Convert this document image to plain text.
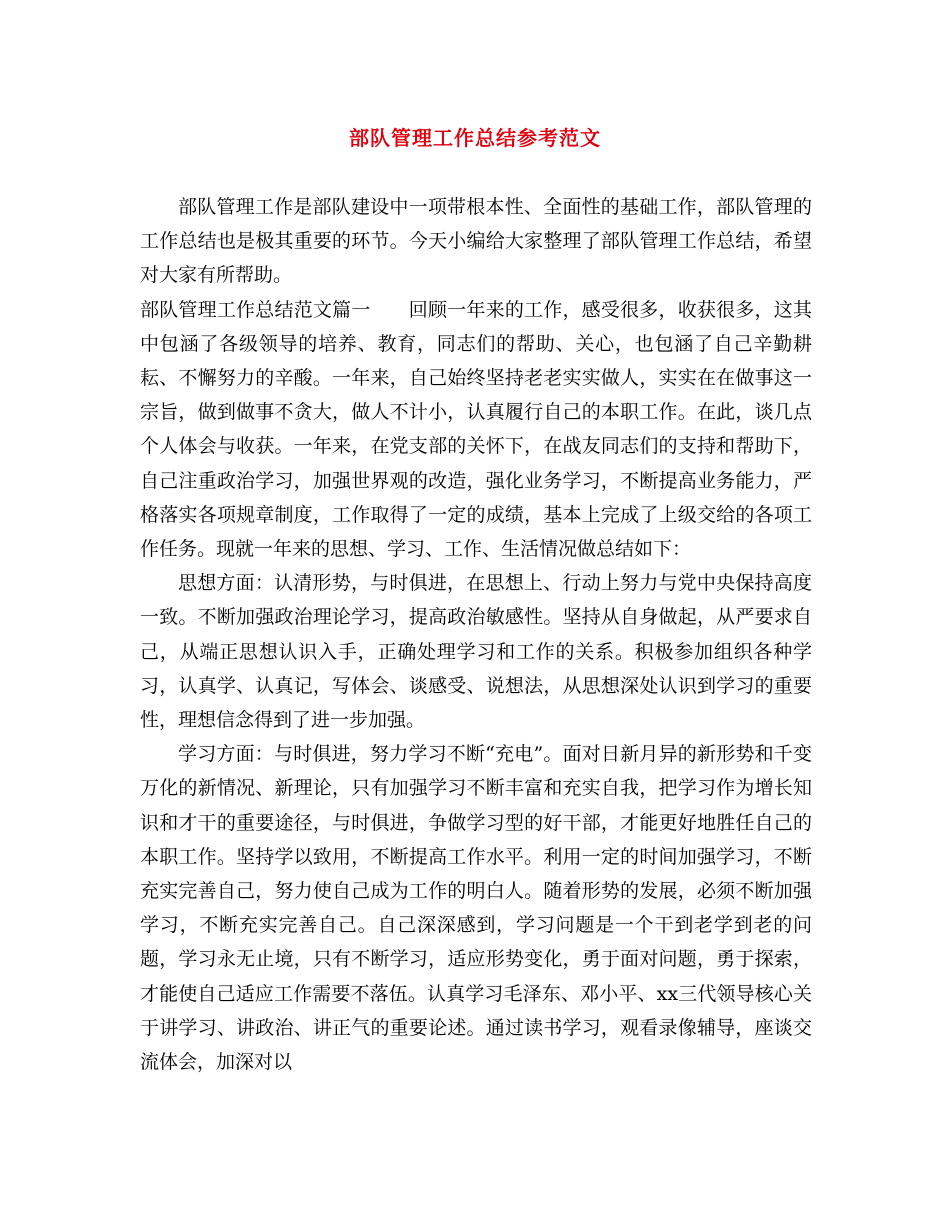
部队管理工作总结参考范文

部队管理工作是部队建设中一项带根本性、全面性的基础工作，部队管理的工作总结也是极其重要的环节。今天小编给大家整理了部队管理工作总结，希望对大家有所帮助。

部队管理工作总结范文篇一 回顾一年来的工作，感受很多，收获很多，这其中包涵了各级领导的培养、教育，同志们的帮助、关心，也包涵了自己辛勤耕耘、不懈努力的辛酸。一年来，自己始终坚持老老实实做人，实实在在做事这一宗旨，做到做事不贪大，做人不计小，认真履行自己的本职工作。在此，谈几点个人体会与收获。一年来，在党支部的关怀下，在战友同志们的支持和帮助下，自己注重政治学习，加强世界观的改造，强化业务学习，不断提高业务能力，严格落实各项规章制度，工作取得了一定的成绩，基本上完成了上级交给的各项工作任务。现就一年来的思想、学习、工作、生活情况做总结如下：

思想方面：认清形势，与时俱进，在思想上、行动上努力与党中央保持高度一致。不断加强政治理论学习，提高政治敏感性。坚持从自身做起，从严要求自己，从端正思想认识入手，正确处理学习和工作的关系。积极参加组织各种学习，认真学、认真记，写体会、谈感受、说想法，从思想深处认识到学习的重要性，理想信念得到了进一步加强。

学习方面：与时俱进，努力学习不断“充电”。面对日新月异的新形势和千变万化的新情况、新理论，只有加强学习不断丰富和充实自我，把学习作为增长知识和才干的重要途径，与时俱进，争做学习型的好干部，才能更好地胜任自己的本职工作。坚持学以致用，不断提高工作水平。利用一定的时间加强学习，不断充实完善自己，努力使自己成为工作的明白人。随着形势的发展，必须不断加强学习，不断充实完善自己。自己深深感到，学习问题是一个干到老学到老的问题，学习永无止境，只有不断学习，适应形势变化，勇于面对问题，勇于探索，才能使自己适应工作需要不落伍。认真学习毛泽东、邓小平、xx三代领导核心关于讲学习、讲政治、讲正气的重要论述。通过读书学习，观看录像辅导，座谈交流体会，加深对以
